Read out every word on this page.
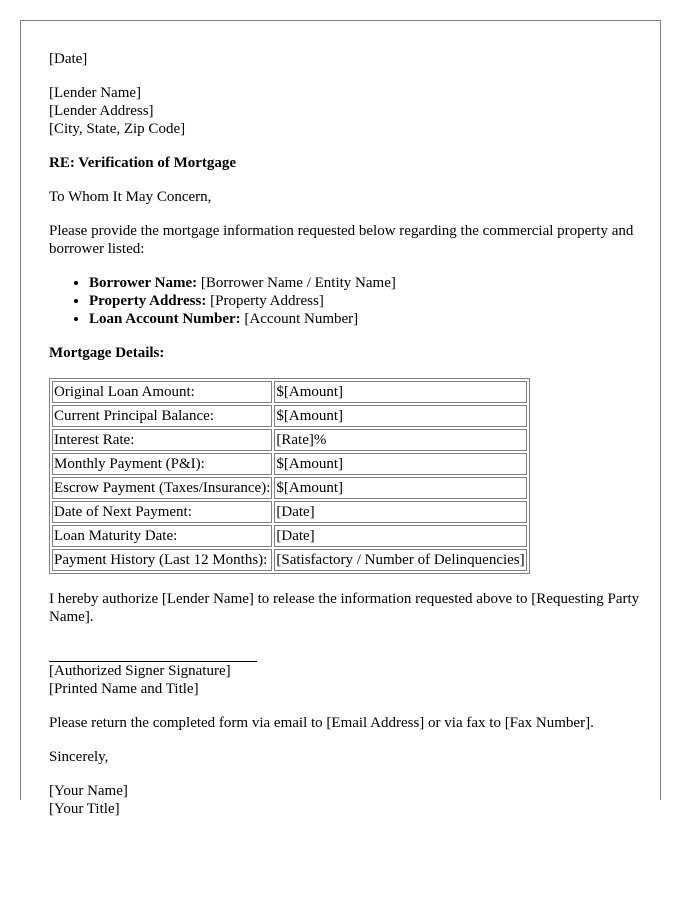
[Date]

[Lender Name]
[Lender Address]
[City, State, Zip Code]

RE: Verification of Mortgage

To Whom It May Concern,

Please provide the mortgage information requested below regarding the commercial property and borrower listed:

• Borrower Name: [Borrower Name / Entity Name]
• Property Address: [Property Address]
• Loan Account Number: [Account Number]

Mortgage Details:

Original Loan Amount:	$[Amount]
Current Principal Balance:	$[Amount]
Interest Rate:	[Rate]%
Monthly Payment (P&I):	$[Amount]
Escrow Payment (Taxes/Insurance):	$[Amount]
Date of Next Payment:	[Date]
Loan Maturity Date:	[Date]
Payment History (Last 12 Months):	[Satisfactory / Number of Delinquencies]

I hereby authorize [Lender Name] to release the information requested above to [Requesting Party Name].

[Authorized Signer Signature]
[Printed Name and Title]

Please return the completed form via email to [Email Address] or via fax to [Fax Number].

Sincerely,

[Your Name]
[Your Title]
